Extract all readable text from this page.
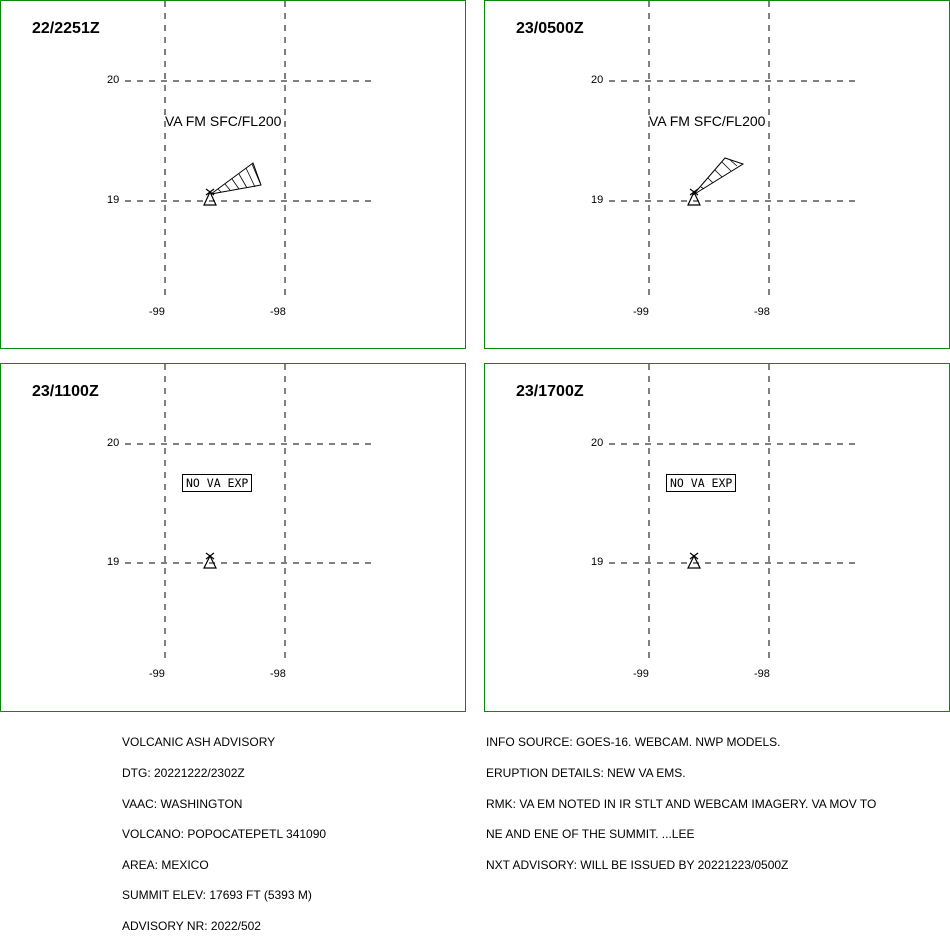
22/2251Z
20
19
-99	-98
VA FM SFC/FL200
23/0500Z
20
19
-99	-98
VA FM SFC/FL200
23/1100Z
20
19
-99	-98
NO VA EXP
23/1700Z
20
19
-99	-98
NO VA EXP

VOLCANIC ASH ADVISORY

DTG: 20221222/2302Z

VAAC: WASHINGTON

VOLCANO: POPOCATEPETL 341090

AREA: MEXICO

SUMMIT ELEV: 17693 FT (5393 M)

ADVISORY NR: 2022/502

INFO SOURCE: GOES-16. WEBCAM. NWP MODELS.

ERUPTION DETAILS: NEW VA EMS.

RMK: VA EM NOTED IN IR STLT AND WEBCAM IMAGERY. VA MOV TO

NE AND ENE OF THE SUMMIT. ...LEE

NXT ADVISORY: WILL BE ISSUED BY 20221223/0500Z
